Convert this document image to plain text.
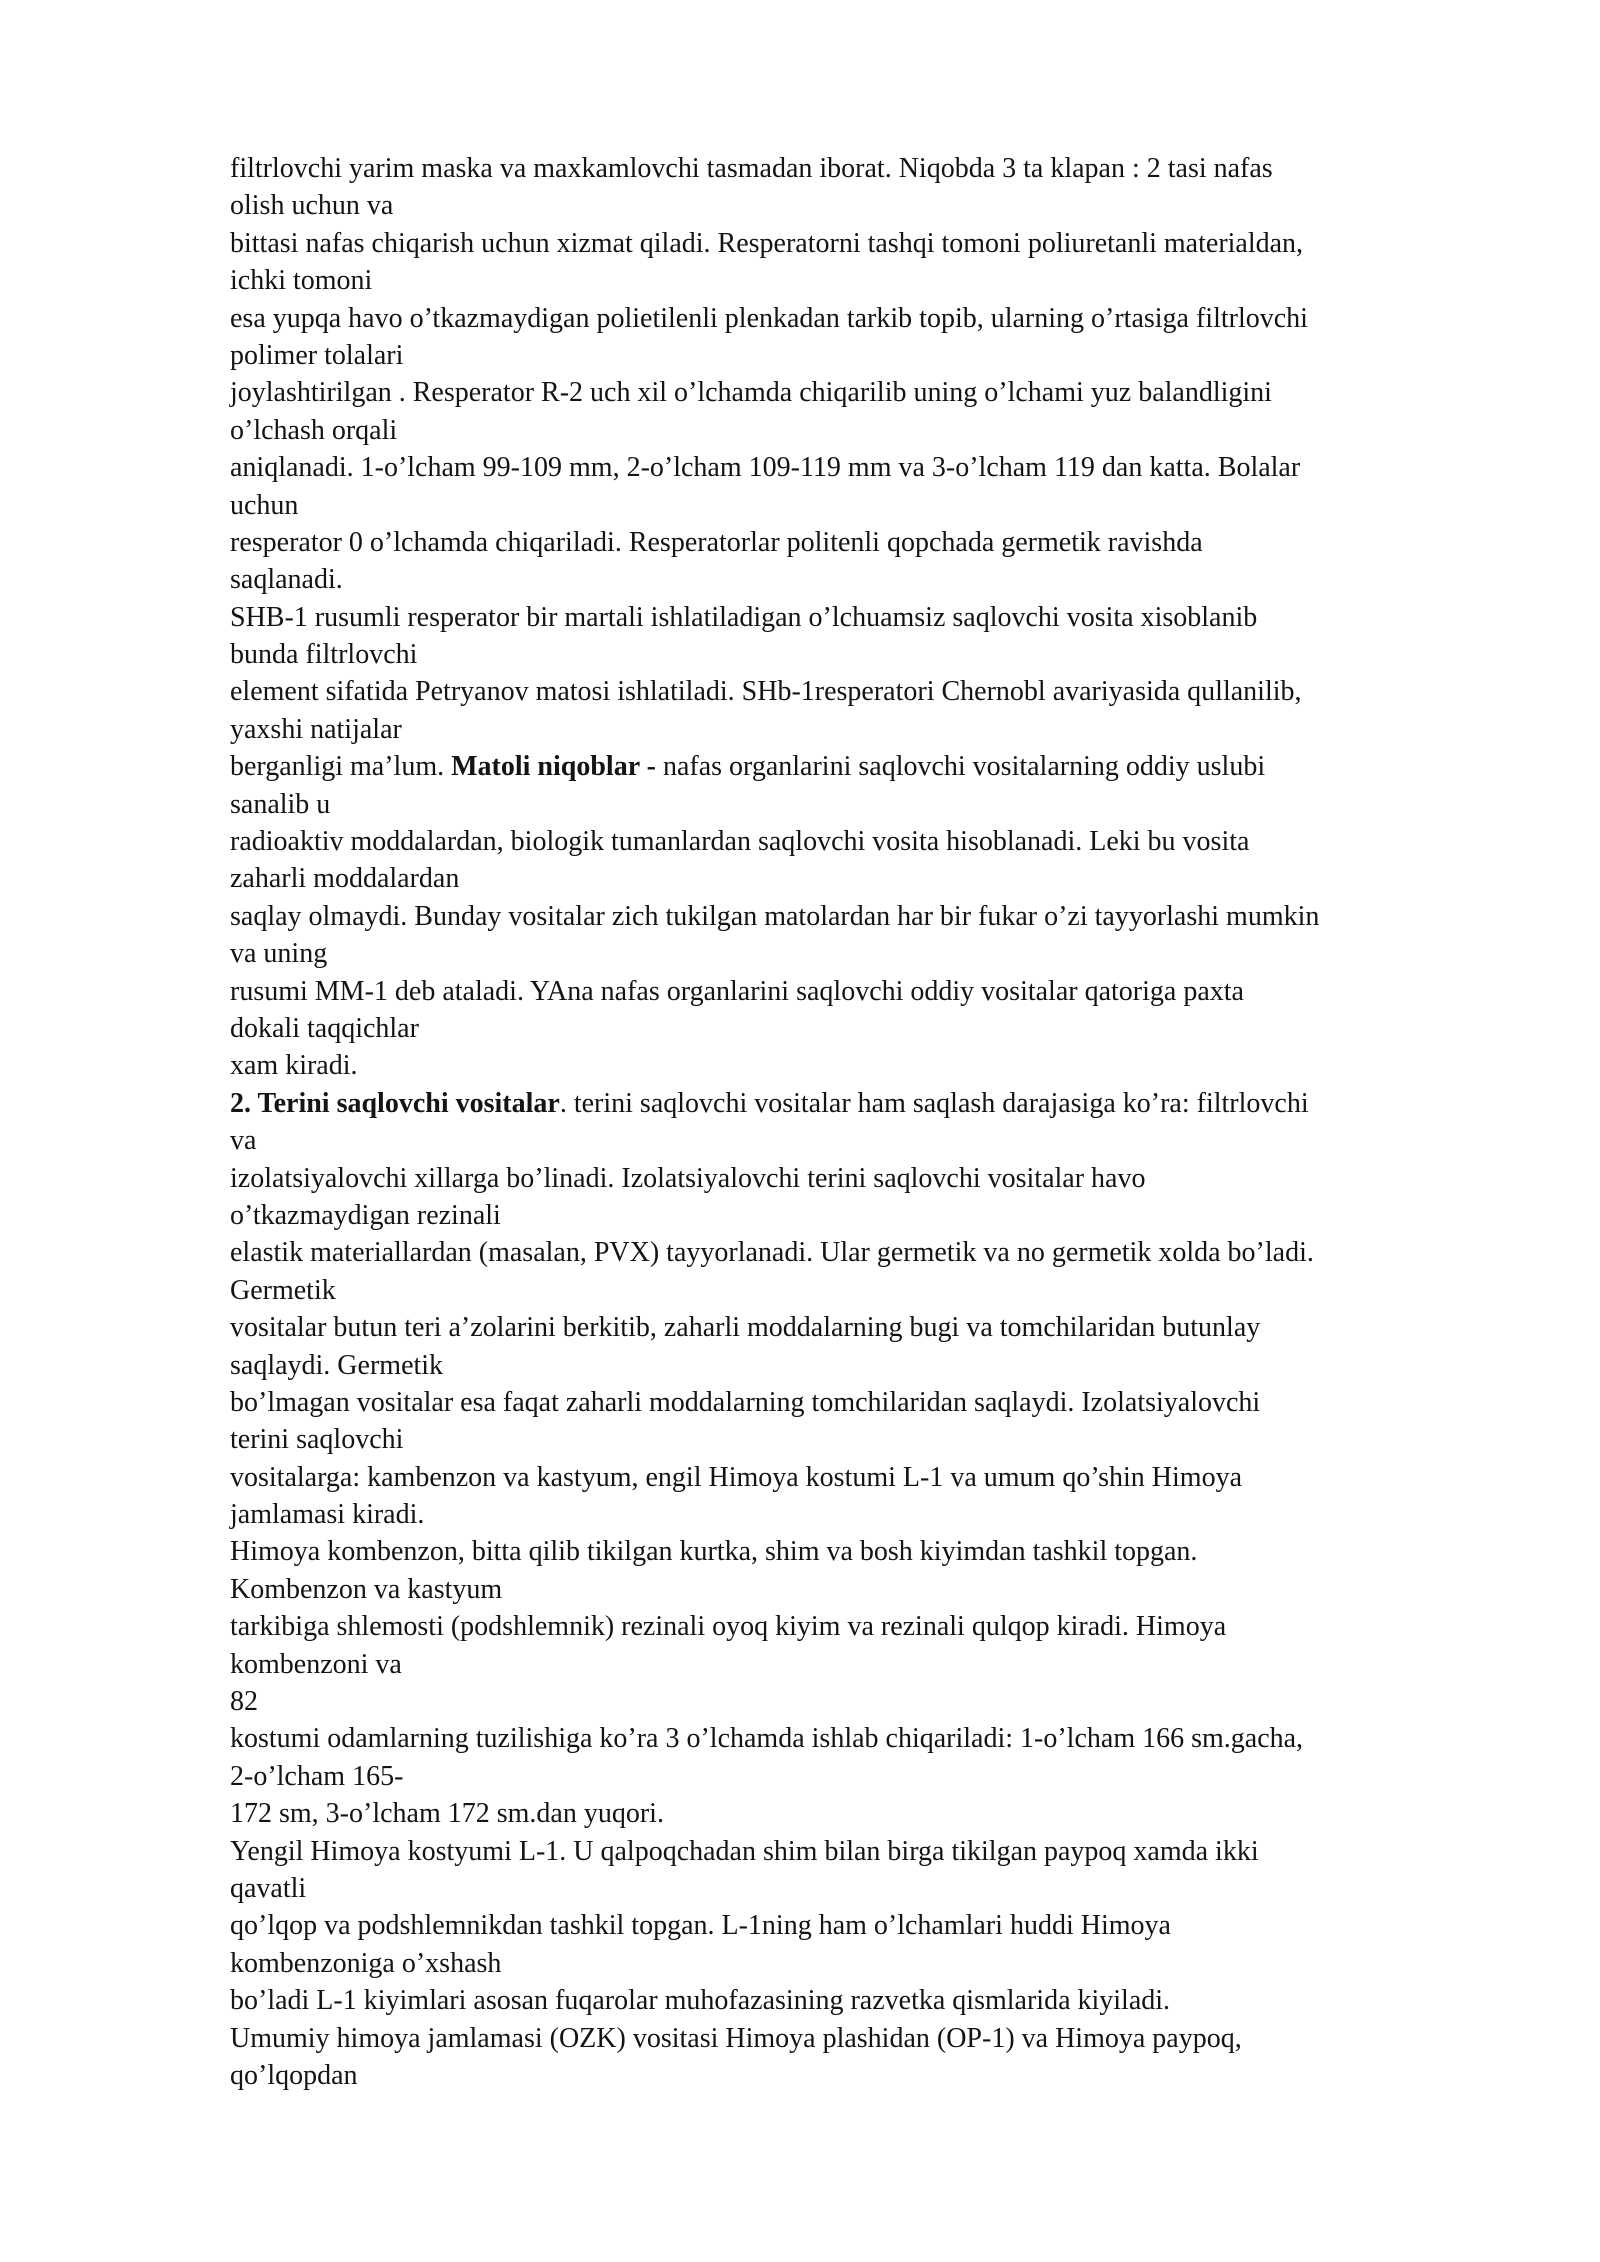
filtrlovchi yarim maska va maxkamlovchi tasmadan iborat. Niqobda 3 ta klapan : 2 tasi nafas
olish uchun va
bittasi nafas chiqarish uchun xizmat qiladi. Resperatorni tashqi tomoni poliuretanli materialdan,
ichki tomoni
esa yupqa havo o’tkazmaydigan polietilenli plenkadan tarkib topib, ularning o’rtasiga filtrlovchi
polimer tolalari
joylashtirilgan . Resperator R-2 uch xil o’lchamda chiqarilib uning o’lchami yuz balandligini
o’lchash orqali
aniqlanadi. 1-o’lcham 99-109 mm, 2-o’lcham 109-119 mm va 3-o’lcham 119 dan katta. Bolalar
uchun
resperator 0 o’lchamda chiqariladi. Resperatorlar politenli qopchada germetik ravishda
saqlanadi.
SHB-1 rusumli resperator bir martali ishlatiladigan o’lchuamsiz saqlovchi vosita xisoblanib
bunda filtrlovchi
element sifatida Petryanov matosi ishlatiladi. SHb-1resperatori Chernobl avariyasida qullanilib,
yaxshi natijalar
berganligi ma’lum. Matoli niqoblar - nafas organlarini saqlovchi vositalarning oddiy uslubi
sanalib u
radioaktiv moddalardan, biologik tumanlardan saqlovchi vosita hisoblanadi. Leki bu vosita
zaharli moddalardan
saqlay olmaydi. Bunday vositalar zich tukilgan matolardan har bir fukar o’zi tayyorlashi mumkin
va uning
rusumi MM-1 deb ataladi. YAna nafas organlarini saqlovchi oddiy vositalar qatoriga paxta
dokali taqqichlar
xam kiradi.
2. Terini saqlovchi vositalar. terini saqlovchi vositalar ham saqlash darajasiga ko’ra: filtrlovchi
va
izolatsiyalovchi xillarga bo’linadi. Izolatsiyalovchi terini saqlovchi vositalar havo
o’tkazmaydigan rezinali
elastik materiallardan (masalan, PVX) tayyorlanadi. Ular germetik va no germetik xolda bo’ladi.
Germetik
vositalar butun teri a’zolarini berkitib, zaharli moddalarning bugi va tomchilaridan butunlay
saqlaydi. Germetik
bo’lmagan vositalar esa faqat zaharli moddalarning tomchilaridan saqlaydi. Izolatsiyalovchi
terini saqlovchi
vositalarga: kambenzon va kastyum, engil Himoya kostumi L-1 va umum qo’shin Himoya
jamlamasi kiradi.
Himoya kombenzon, bitta qilib tikilgan kurtka, shim va bosh kiyimdan tashkil topgan.
Kombenzon va kastyum
tarkibiga shlemosti (podshlemnik) rezinali oyoq kiyim va rezinali qulqop kiradi. Himoya
kombenzoni va
82
kostumi odamlarning tuzilishiga ko’ra 3 o’lchamda ishlab chiqariladi: 1-o’lcham 166 sm.gacha,
2-o’lcham 165-
172 sm, 3-o’lcham 172 sm.dan yuqori.
Yengil Himoya kostyumi L-1. U qalpoqchadan shim bilan birga tikilgan paypoq xamda ikki
qavatli
qo’lqop va podshlemnikdan tashkil topgan. L-1ning ham o’lchamlari huddi Himoya
kombenzoniga o’xshash
bo’ladi L-1 kiyimlari asosan fuqarolar muhofazasining razvetka qismlarida kiyiladi.
Umumiy himoya jamlamasi (OZK) vositasi Himoya plashidan (OP-1) va Himoya paypoq,
qo’lqopdan
